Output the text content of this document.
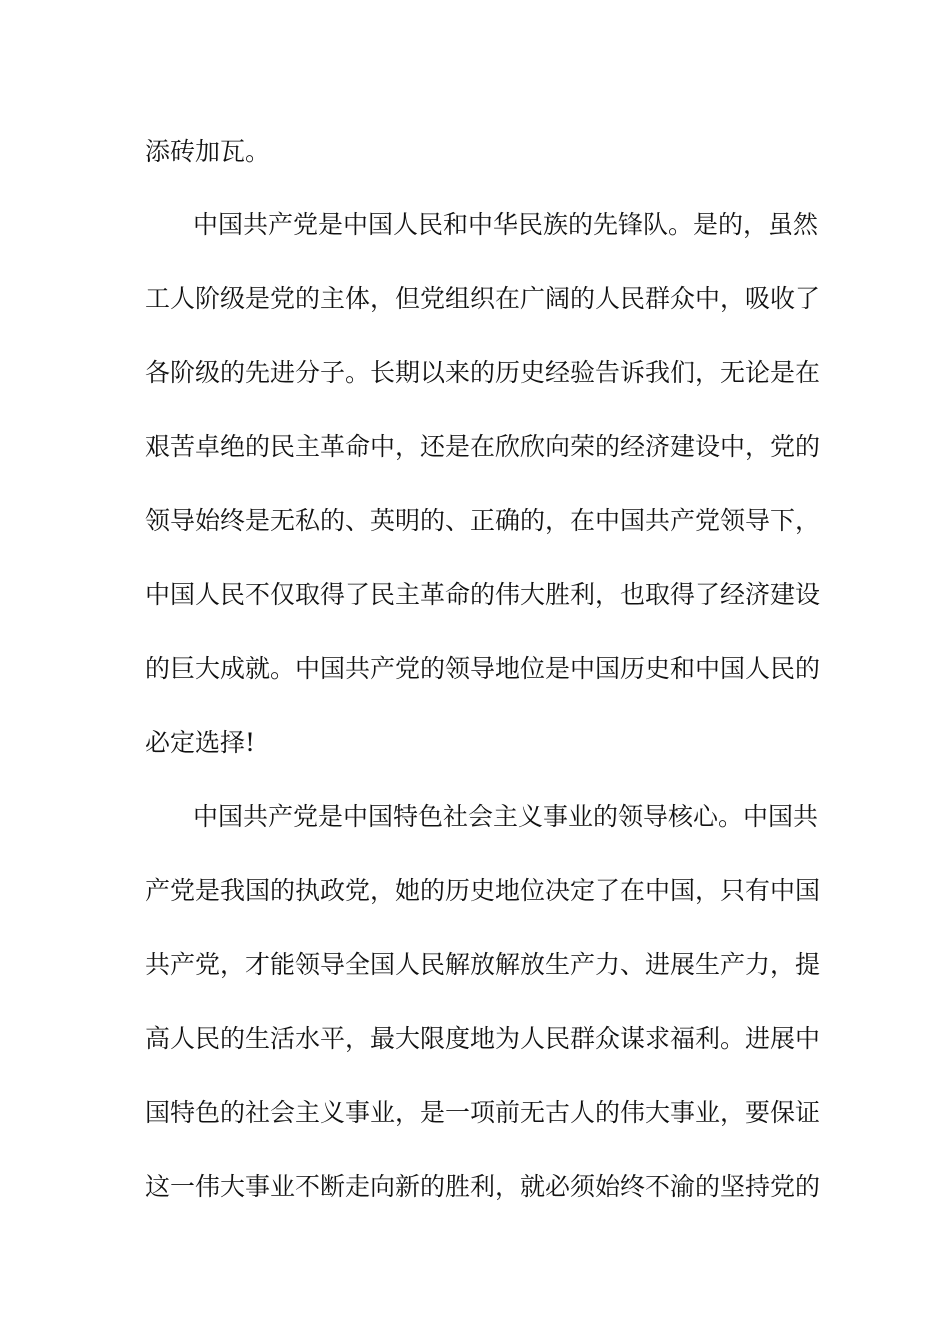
添砖加瓦。
中国共产党是中国人民和中华民族的先锋队。是的，虽然
工人阶级是党的主体，但党组织在广阔的人民群众中，吸收了
各阶级的先进分子。长期以来的历史经验告诉我们，无论是在
艰苦卓绝的民主革命中，还是在欣欣向荣的经济建设中，党的
领导始终是无私的、英明的、正确的，在中国共产党领导下，
中国人民不仅取得了民主革命的伟大胜利，也取得了经济建设
的巨大成就。中国共产党的领导地位是中国历史和中国人民的
必定选择!
中国共产党是中国特色社会主义事业的领导核心。中国共
产党是我国的执政党，她的历史地位决定了在中国，只有中国
共产党，才能领导全国人民解放解放生产力、进展生产力，提
高人民的生活水平，最大限度地为人民群众谋求福利。进展中
国特色的社会主义事业，是一项前无古人的伟大事业，要保证
这一伟大事业不断走向新的胜利，就必须始终不渝的坚持党的
